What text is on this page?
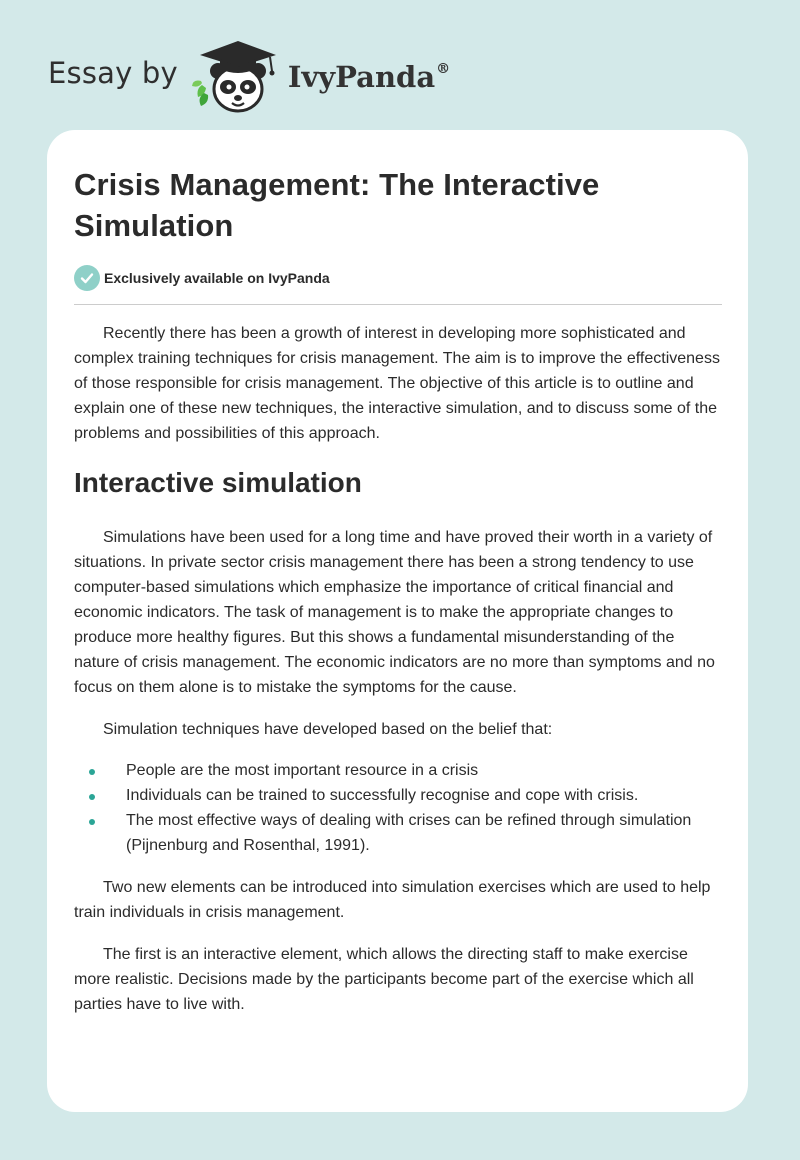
Essay by	IvyPanda®
Crisis Management: The Interactive Simulation
Exclusively available on IvyPanda

Recently there has been a growth of interest in developing more sophisticated and complex training techniques for crisis management. The aim is to improve the effectiveness of those responsible for crisis management. The objective of this article is to outline and explain one of these new techniques, the interactive simulation, and to discuss some of the problems and possibilities of this approach.

Interactive simulation

Simulations have been used for a long time and have proved their worth in a variety of situations. In private sector crisis management there has been a strong tendency to use computer-based simulations which emphasize the importance of critical financial and economic indicators. The task of management is to make the appropriate changes to produce more healthy figures. But this shows a fundamental misunderstanding of the nature of crisis management. The economic indicators are no more than symptoms and no focus on them alone is to mistake the symptoms for the cause.

Simulation techniques have developed based on the belief that:

People are the most important resource in a crisis
Individuals can be trained to successfully recognise and cope with crisis.
The most effective ways of dealing with crises can be refined through simulation (Pijnenburg and Rosenthal, 1991).

Two new elements can be introduced into simulation exercises which are used to help train individuals in crisis management.

The first is an interactive element, which allows the directing staff to make exercise more realistic. Decisions made by the participants become part of the exercise which all parties have to live with.
